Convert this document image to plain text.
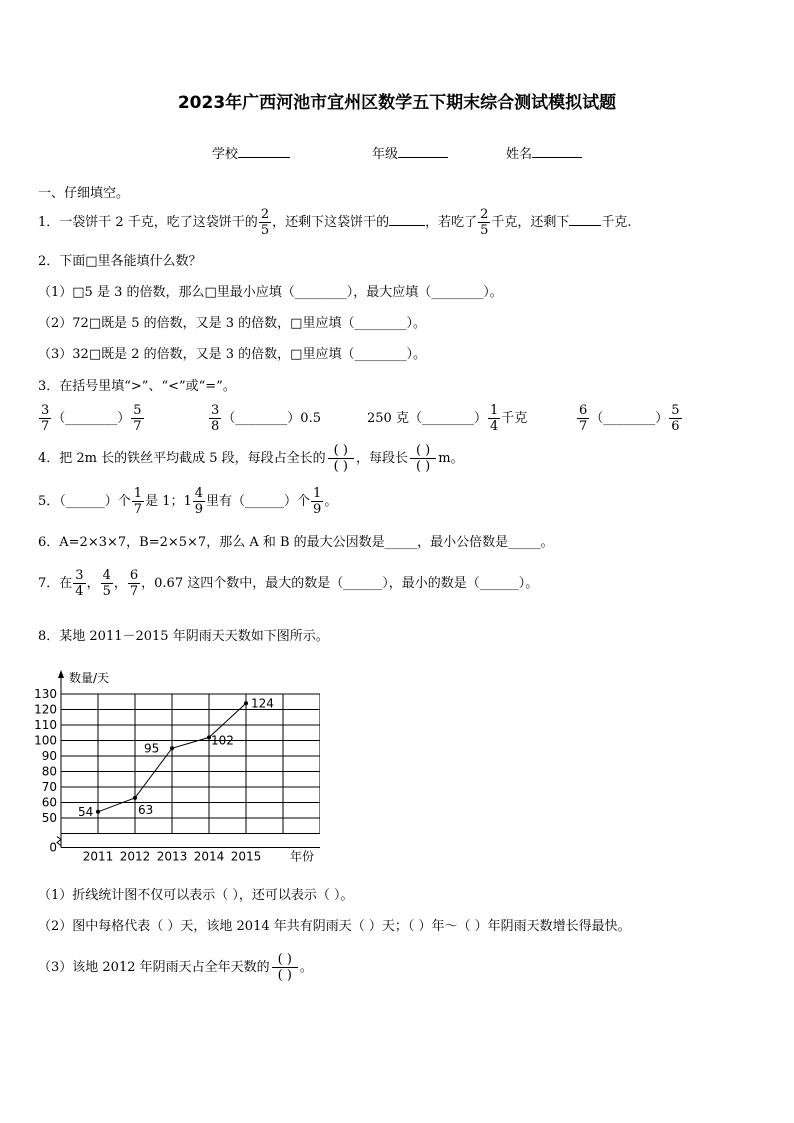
2023年广西河池市宜州区数学五下期末综合测试模拟试题
学校	年级	姓名
一、仔细填空。
1．一袋饼干 2 千克，吃了这袋饼干的 $\frac{2}{5}$ ，还剩下这袋饼干的	，若吃了 $\frac{2}{5}$ 千克，还剩下 千克.
2．下面□里各能填什么数？
（1）□5 是 3 的倍数，那么□里最小应填（________），最大应填（________）。
（2）72□既是 5 的倍数，又是 3 的倍数，□里应填（________）。
（3）32□既是 2 的倍数，又是 3 的倍数，□里应填（________）。
3．在括号里填“>”、“<”或“=”。
$\frac{3}{7}$ （________） $\frac{5}{7}$	$\frac{3}{8}$ （________）0.5	250 克（________） $\frac{1}{4}$ 千克	$\frac{6}{7}$ （________） $\frac{5}{6}$
4．把 2m 长的铁丝平均截成 5 段，每段占全长的
( )
( )
，每段长
( )
( )
m。
5．（______）个 $\frac{1}{7}$ 是 1；$1 \frac{4}{9}$ 里有（______）个 $\frac{1}{9}$ 。
6．A=2×3×7，B=2×5×7，那么 A 和 B 的最大公因数是_____，最小公倍数是_____。
7．在 $\frac{3}{4}$ ， $\frac{4}{5}$ ， $\frac{6}{7}$ ，0.67 这四个数中，最大的数是（______），最小的数是（______）。
8．某地 2011－2015 年阴雨天天数如下图所示。
0
50
60
70
80
90
100
110
120
130
数量/天
2011 2012 2013 2014 2015 年份
54	63
95
102
124
（1）折线统计图不仅可以表示（ ），还可以表示（ ）。
（2）图中每格代表（ ）天，该地 2014 年共有阴雨天（ ）天；（ ）年～（ ）年阴雨天数增长得最快。
（3）该地 2012 年阴雨天占全年天数的
( )
( )
。
